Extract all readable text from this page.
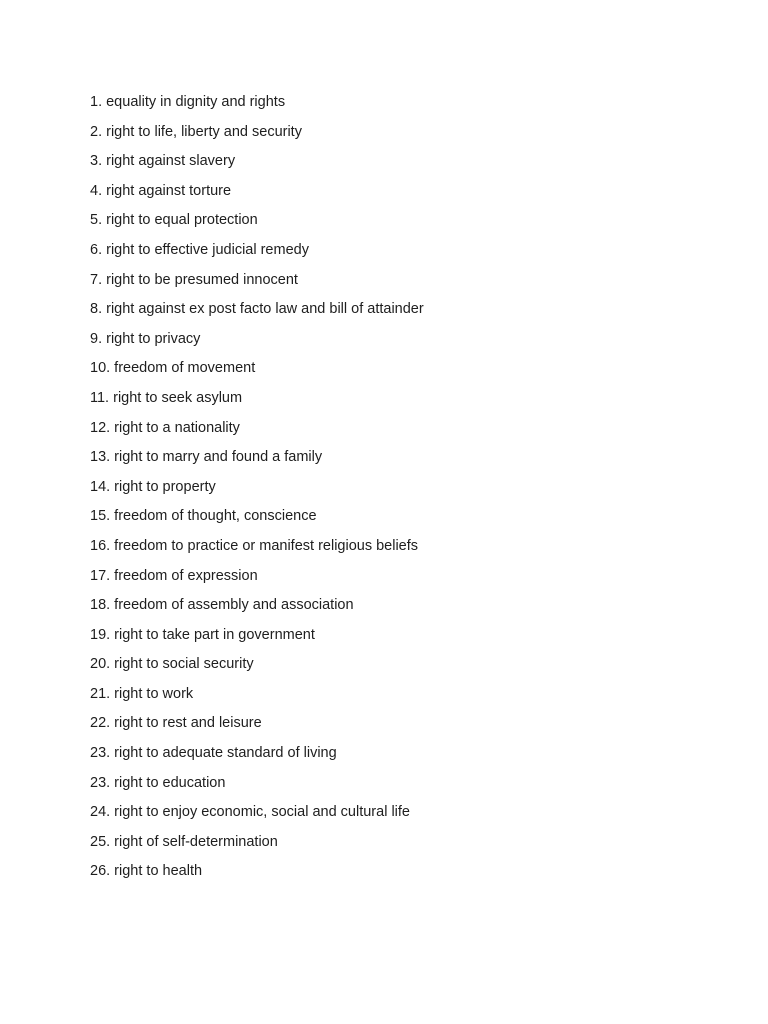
1. equality in dignity and rights
2. right to life, liberty and security
3. right against slavery
4. right against torture
5. right to equal protection
6. right to effective judicial remedy
7. right to be presumed innocent
8. right against ex post facto law and bill of attainder
9. right to privacy
10. freedom of movement
11. right to seek asylum
12. right to a nationality
13. right to marry and found a family
14. right to property
15. freedom of thought, conscience
16. freedom to practice or manifest religious beliefs
17. freedom of expression
18. freedom of assembly and association
19. right to take part in government
20. right to social security
21. right to work
22. right to rest and leisure
23. right to adequate standard of living
23. right to education
24. right to enjoy economic, social and cultural life
25. right of self-determination
26. right to health
